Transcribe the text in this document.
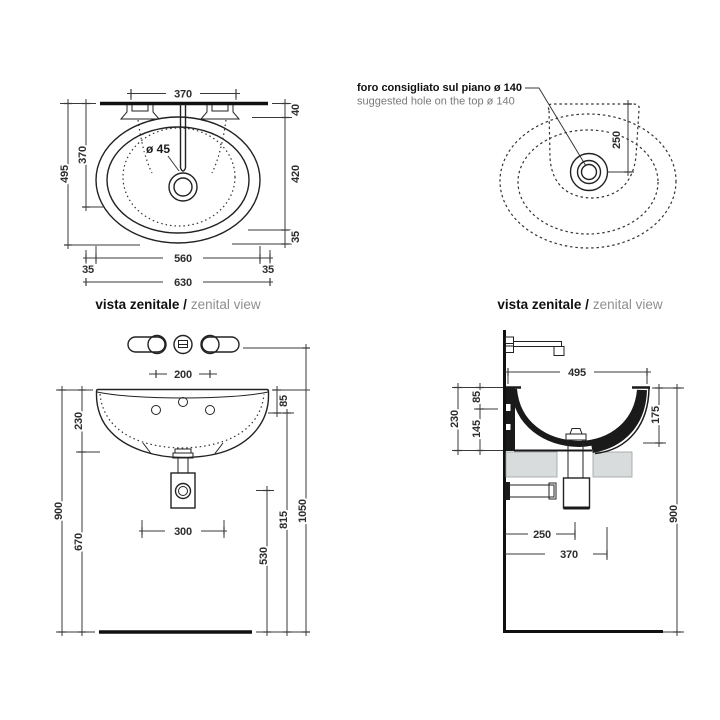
ø 45
370
495
370
40
420
35
35
560
35
630
vista zenitale / zenital view
foro consigliato sul piano ø 140
suggested hole on the top ø 140
250
vista zenitale / zenital view
200
900
230
670
85
815 1050
530
300
495
230
85
145
175
900
250
370
